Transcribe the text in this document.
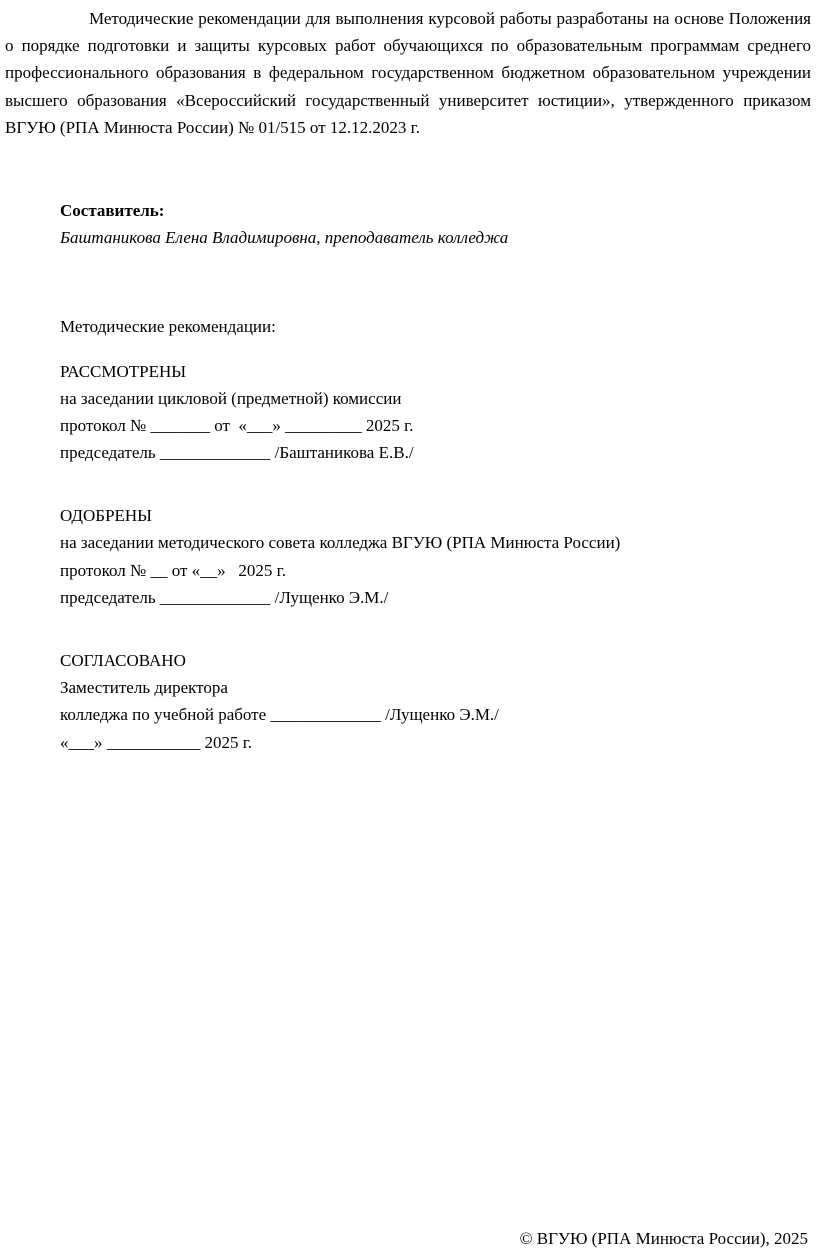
Методические рекомендации для выполнения курсовой работы разработаны на основе Положения о порядке подготовки и защиты курсовых работ обучающихся по образовательным программам среднего профессионального образования в федеральном государственном бюджетном образовательном учреждении высшего образования «Всероссийский государственный университет юстиции», утвержденного приказом ВГУЮ (РПА Минюста России) № 01/515 от 12.12.2023 г.

Составитель:
Баштаникова Елена Владимировна, преподаватель колледжа
Методические рекомендации:
РАССМОТРЕНЫ
на заседании цикловой (предметной) комиссии
протокол № _______ от  «___» _________ 2025 г.
председатель _____________ /Баштаникова Е.В./
ОДОБРЕНЫ
на заседании методического совета колледжа ВГУЮ (РПА Минюста России)
протокол № __ от «__»   2025 г.
председатель _____________ /Лущенко Э.М./
СОГЛАСОВАНО
Заместитель директора
колледжа по учебной работе _____________ /Лущенко Э.М./
«___» ___________ 2025 г.
© ВГУЮ (РПА Минюста России), 2025
